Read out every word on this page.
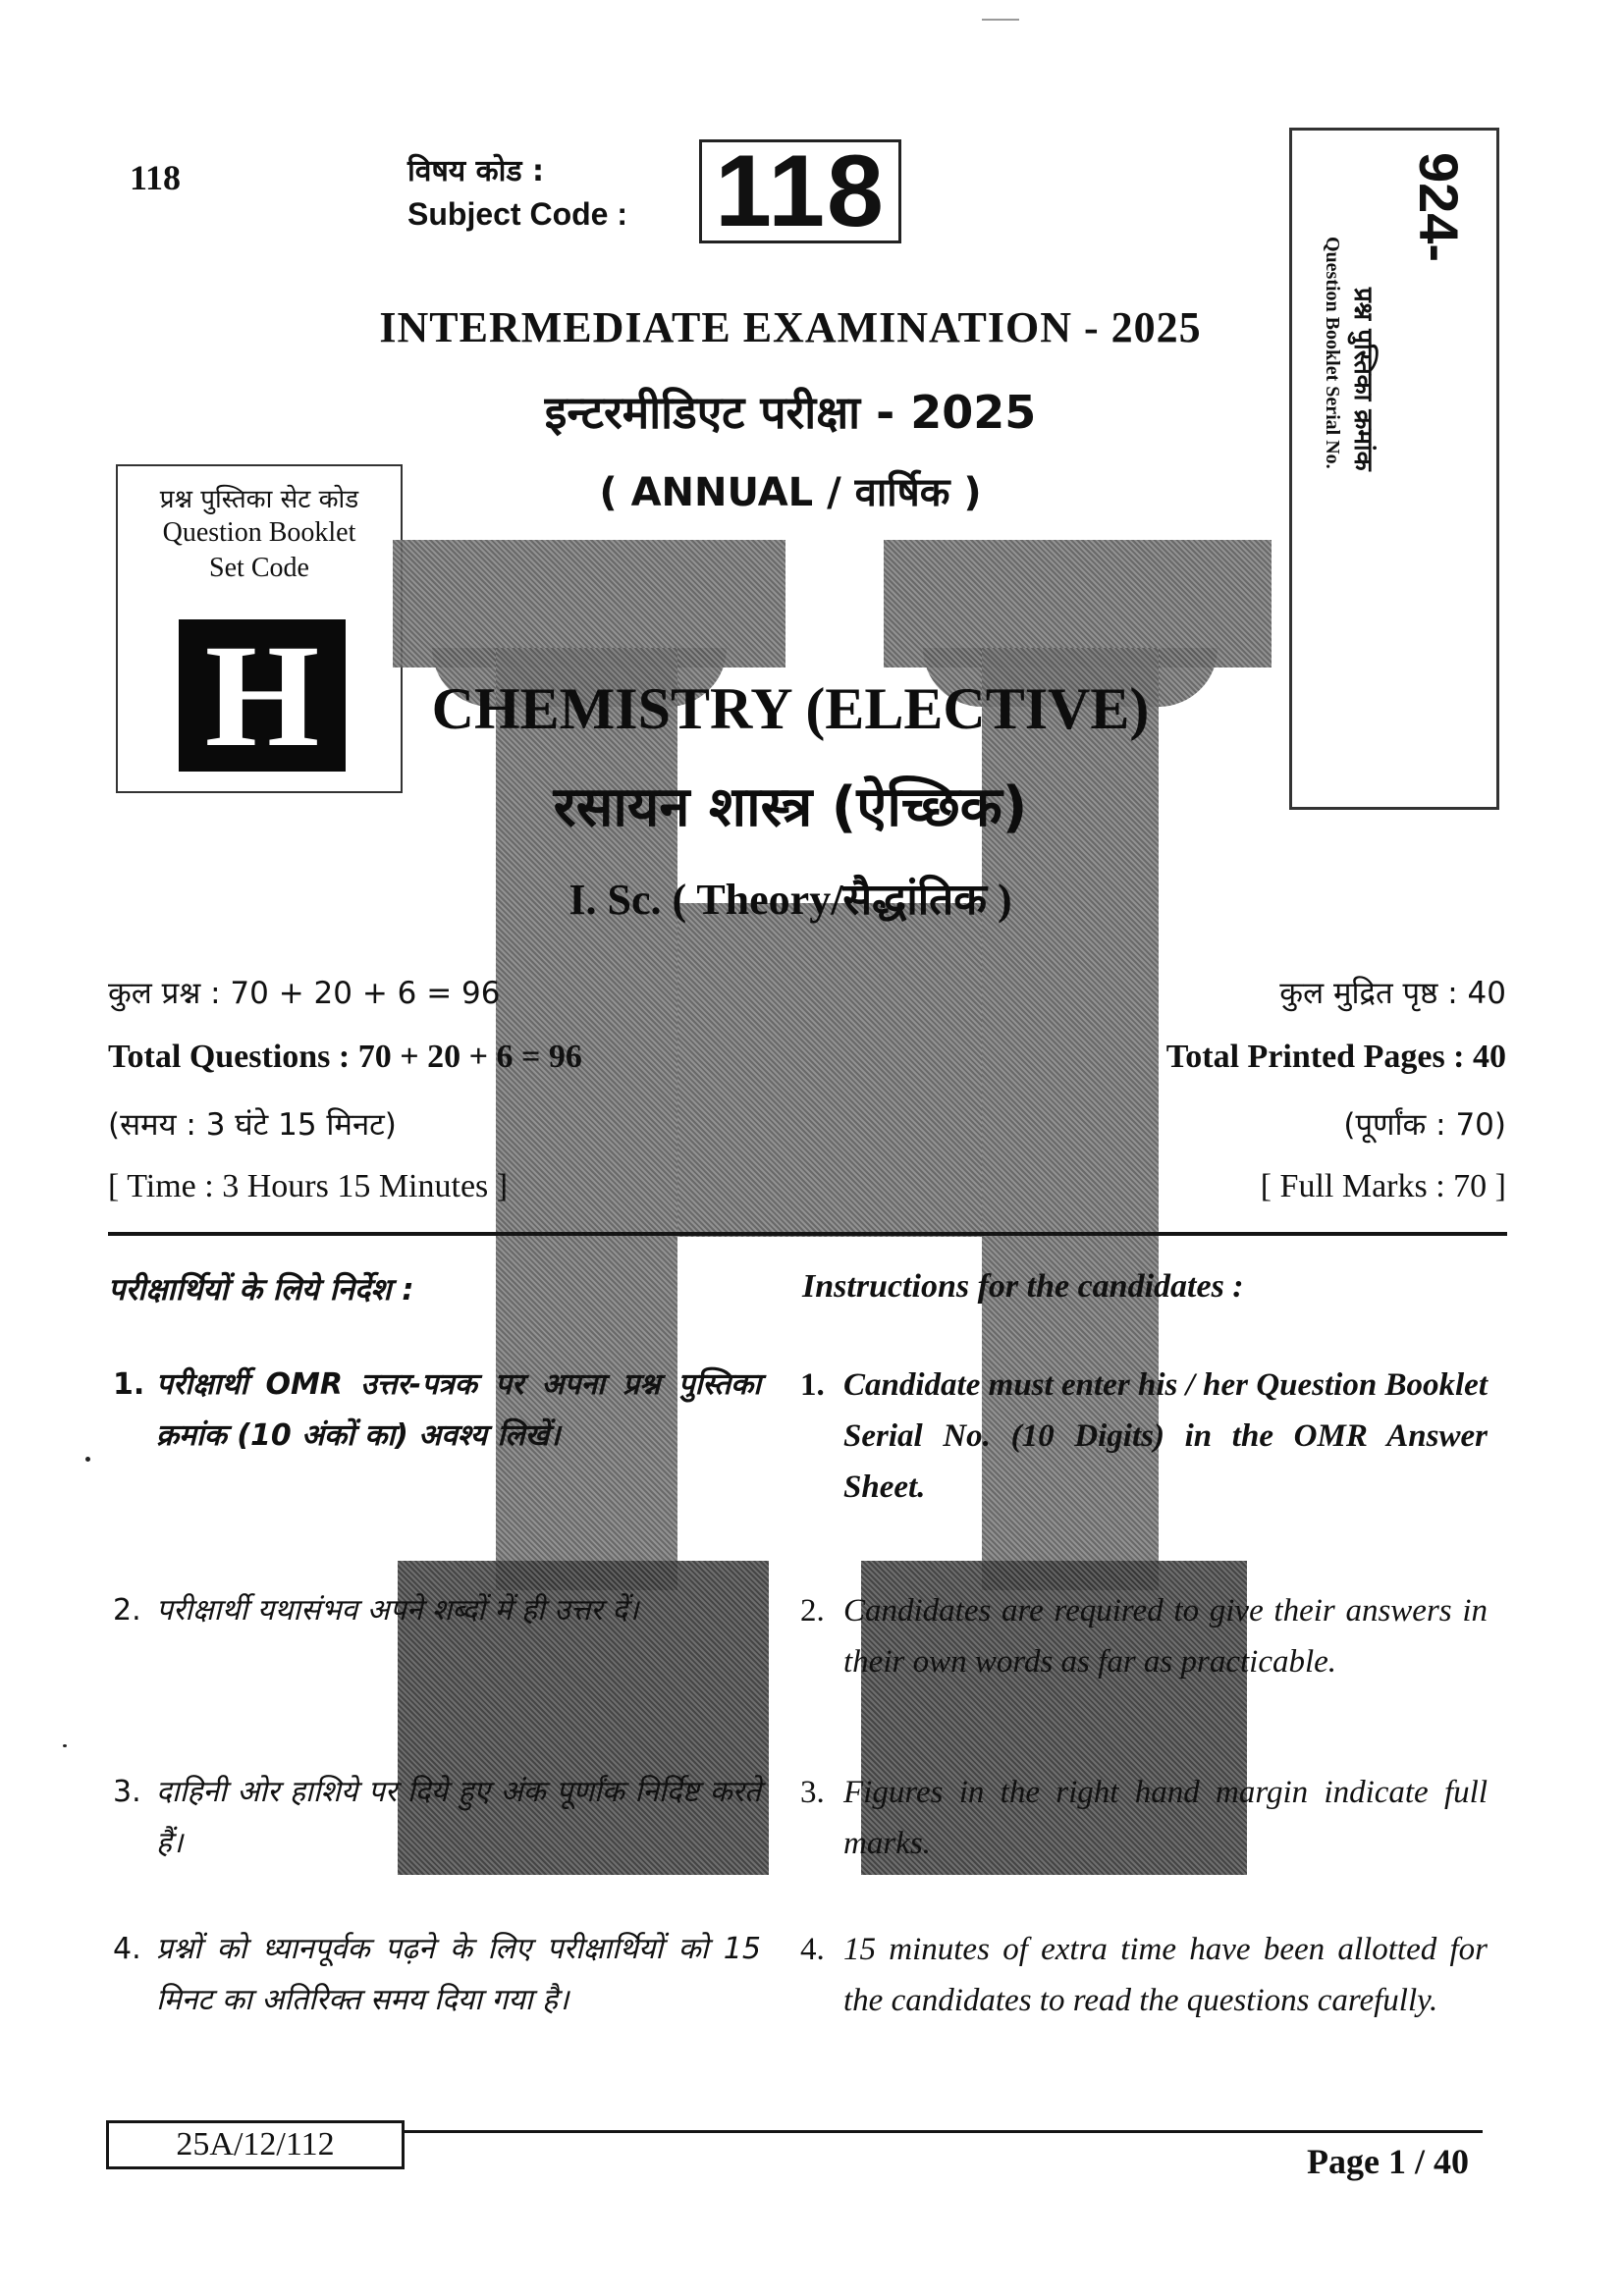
118	विषय कोड :
Subject Code : 118	924-
प्रश्न पुस्तिका क्रमांक
Question Booklet Serial No.
प्रश्न पुस्तिका सेट कोड
Question Booklet
Set Code
H
INTERMEDIATE EXAMINATION - 2025
इन्टरमीडिएट परीक्षा - 2025
( ANNUAL / वार्षिक )
CHEMISTRY (ELECTIVE)
रसायन शास्त्र (ऐच्छिक)
I. Sc. ( Theory/सैद्धांतिक )
कुल प्रश्न : 70 + 20 + 6 = 96
Total Questions : 70 + 20 + 6 = 96
(समय : 3 घंटे 15 मिनट)
[ Time : 3 Hours 15 Minutes ]
कुल मुद्रित पृष्ठ : 40
Total Printed Pages : 40
(पूर्णांक : 70)
[ Full Marks : 70 ]
परीक्षार्थियों के लिये निर्देश :	Instructions for the candidates :
1. परीक्षार्थी OMR उत्तर-पत्रक पर अपना प्रश्न पुस्तिका क्रमांक (10 अंकों का) अवश्य लिखें।
2. परीक्षार्थी यथासंभव अपने शब्दों में ही उत्तर दें।
3. दाहिनी ओर हाशिये पर दिये हुए अंक पूर्णांक निर्दिष्ट करते हैं।
4. प्रश्नों को ध्यानपूर्वक पढ़ने के लिए परीक्षार्थियों को 15 मिनट का अतिरिक्त समय दिया गया है।
1. Candidate must enter his / her Question Booklet Serial No. (10 Digits) in the OMR Answer Sheet.
2. Candidates are required to give their answers in their own words as far as practicable.
3. Figures in the right hand margin indicate full marks.
4. 15 minutes of extra time have been allotted for the candidates to read the questions carefully.
25A/12/112	Page 1 / 40
